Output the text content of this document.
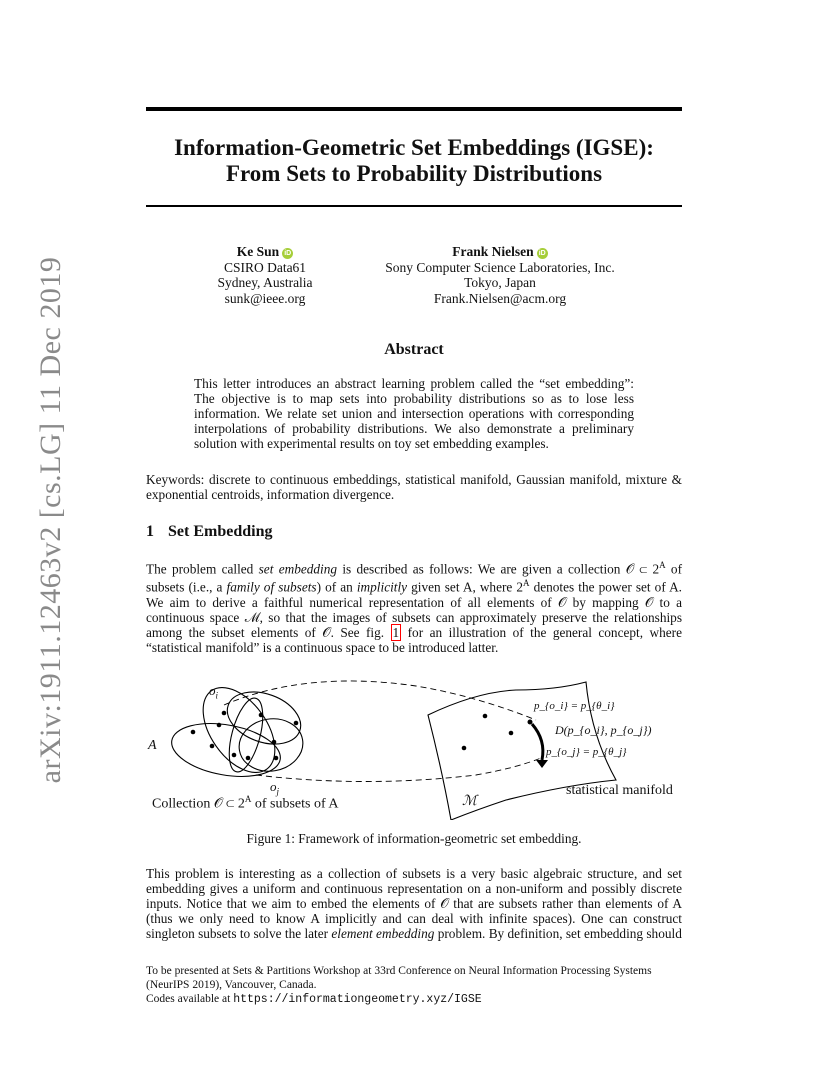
arXiv:1911.12463v2 [cs.LG] 11 Dec 2019
Information-Geometric Set Embeddings (IGSE):
From Sets to Probability Distributions
Ke Sun iD
CSIRO Data61
Sydney, Australia
sunk@ieee.org
Frank Nielsen iD
Sony Computer Science Laboratories, Inc.
Tokyo, Japan
Frank.Nielsen@acm.org
Abstract
This letter introduces an abstract learning problem called the “set embedding”: The objective is to map sets into probability distributions so as to lose less information. We relate set union and intersection operations with corresponding interpolations of probability distributions. We also demonstrate a preliminary solution with experimental results on toy set embedding examples.
Keywords: discrete to continuous embeddings, statistical manifold, Gaussian manifold, mixture & exponential centroids, information divergence.
1 Set Embedding
The problem called set embedding is described as follows: We are given a collection 𝒪 ⊂ $2^A$ of subsets (i.e., a family of subsets) of an implicitly given set A, where $2^A$ denotes the power set of A. We aim to derive a faithful numerical representation of all elements of 𝒪 by mapping 𝒪 to a continuous space ℳ, so that the images of subsets can approximately preserve the relationships among the subset elements of 𝒪. See fig. 1 for an illustration of the general concept, where “statistical manifold” is a continuous space to be introduced latter.
$o_i$
A
$o_j$
Collection 𝒪 ⊂ $2^A$ of subsets of A	ℳ
statistical manifold
p_{o_i} = p_{θ_i}
D(p_{o_i}, p_{o_j})
p_{o_j} = p_{θ_j}
Figure 1: Framework of information-geometric set embedding.
This problem is interesting as a collection of subsets is a very basic algebraic structure, and set embedding gives a uniform and continuous representation on a non-uniform and possibly discrete inputs. Notice that we aim to embed the elements of 𝒪 that are subsets rather than elements of A (thus we only need to know A implicitly and can deal with infinite spaces). One can construct singleton subsets to solve the later element embedding problem. By definition, set embedding should
To be presented at Sets & Partitions Workshop at 33rd Conference on Neural Information Processing Systems (NeurIPS 2019), Vancouver, Canada.
Codes available at https://informationgeometry.xyz/IGSE
